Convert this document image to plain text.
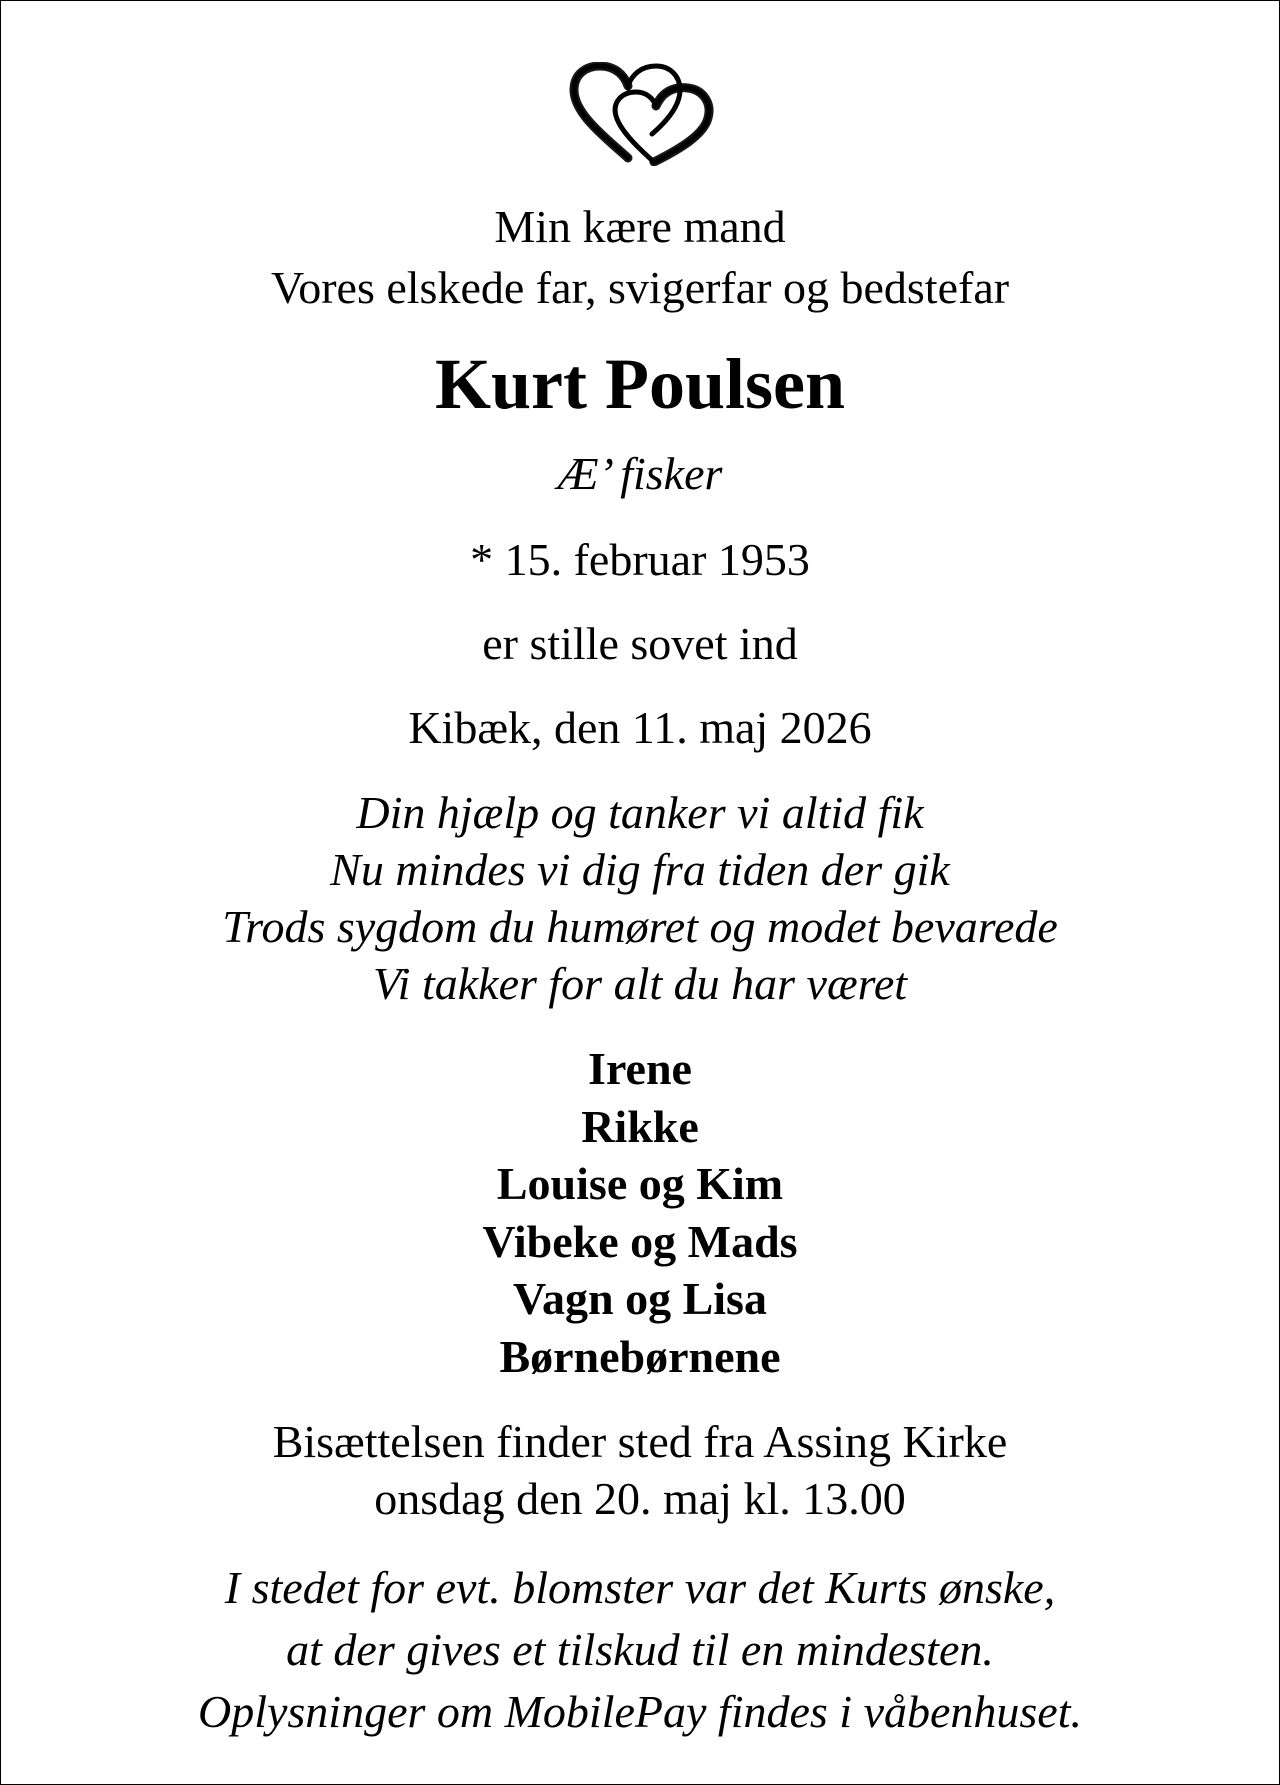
Min kære mand
Vores elskede far, svigerfar og bedstefar
Kurt Poulsen
Æ’ fisker
* 15. februar 1953
er stille sovet ind
Kibæk, den 11. maj 2026
Din hjælp og tanker vi altid fik
Nu mindes vi dig fra tiden der gik
Trods sygdom du humøret og modet bevarede
Vi takker for alt du har været
Irene
Rikke
Louise og Kim
Vibeke og Mads
Vagn og Lisa
Børnebørnene
Bisættelsen finder sted fra Assing Kirke
onsdag den 20. maj kl. 13.00
I stedet for evt. blomster var det Kurts ønske,
at der gives et tilskud til en mindesten.
Oplysninger om MobilePay findes i våbenhuset.
